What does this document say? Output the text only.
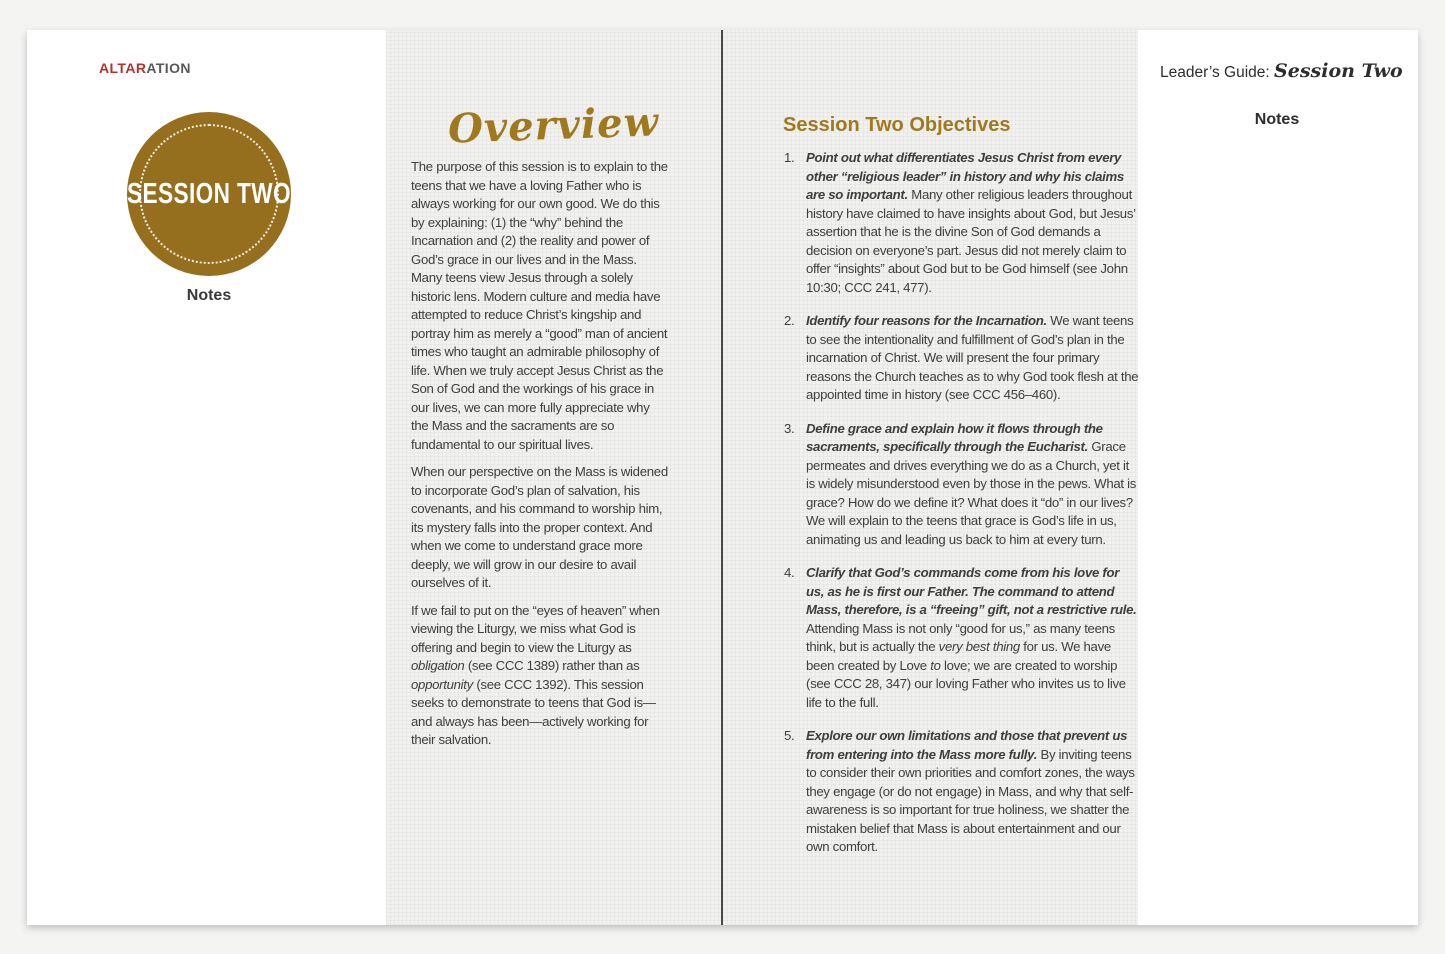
ALTARATION
SESSION TWO
Notes
Overview

The purpose of this session is to explain to the teens that we have a loving Father who is always working for our own good. We do this by explaining: (1) the “why” behind the Incarnation and (2) the reality and power of God’s grace in our lives and in the Mass. Many teens view Jesus through a solely historic lens. Modern culture and media have attempted to reduce Christ’s kingship and portray him as merely a “good” man of ancient times who taught an admirable philosophy of life. When we truly accept Jesus Christ as the Son of God and the workings of his grace in our lives, we can more fully appreciate why the Mass and the sacraments are so fundamental to our spiritual lives.

When our perspective on the Mass is widened to incorporate God’s plan of salvation, his covenants, and his command to worship him, its mystery falls into the proper context. And when we come to understand grace more deeply, we will grow in our desire to avail ourselves of it.

If we fail to put on the “eyes of heaven” when viewing the Liturgy, we miss what God is offering and begin to view the Liturgy as obligation (see CCC 1389) rather than as opportunity (see CCC 1392). This session seeks to demonstrate to teens that God is—and always has been—actively working for their salvation.

Session Two Objectives
1. Point out what differentiates Jesus Christ from every other “religious leader” in history and why his claims are so important. Many other religious leaders throughout history have claimed to have insights about God, but Jesus’ assertion that he is the divine Son of God demands a decision on everyone’s part. Jesus did not merely claim to offer “insights” about God but to be God himself (see John 10:30; CCC 241, 477).
2. Identify four reasons for the Incarnation. We want teens to see the intentionality and fulfillment of God’s plan in the incarnation of Christ. We will present the four primary reasons the Church teaches as to why God took flesh at the appointed time in history (see CCC 456–460).
3. Define grace and explain how it flows through the sacraments, specifically through the Eucharist. Grace permeates and drives everything we do as a Church, yet it is widely misunderstood even by those in the pews. What is grace? How do we define it? What does it “do” in our lives? We will explain to the teens that grace is God’s life in us, animating us and leading us back to him at every turn.
4. Clarify that God’s commands come from his love for us, as he is first our Father. The command to attend Mass, therefore, is a “freeing” gift, not a restrictive rule. Attending Mass is not only “good for us,” as many teens think, but is actually the very best thing for us. We have been created by Love to love; we are created to worship (see CCC 28, 347) our loving Father who invites us to live life to the full.
5. Explore our own limitations and those that prevent us from entering into the Mass more fully. By inviting teens to consider their own priorities and comfort zones, the ways they engage (or do not engage) in Mass, and why that self-awareness is so important for true holiness, we shatter the mistaken belief that Mass is about entertainment and our own comfort.
Leader’s Guide: Session Two
Notes
